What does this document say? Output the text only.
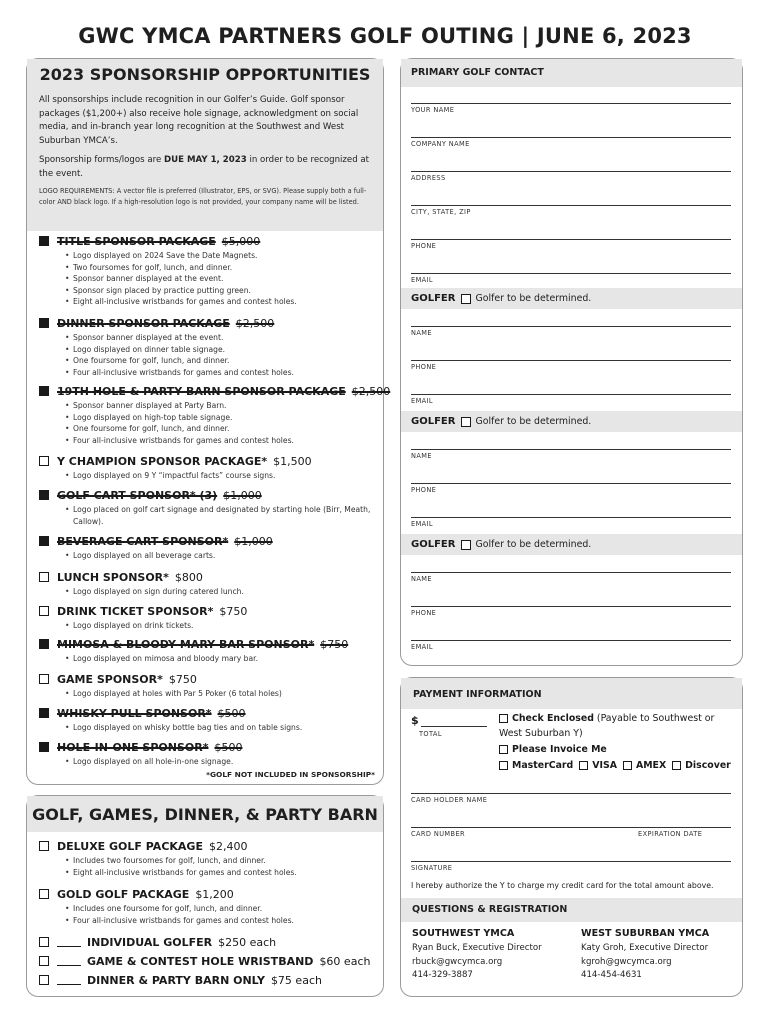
GWC YMCA PARTNERS GOLF OUTING | JUNE 6, 2023
2023 SPONSORSHIP OPPORTUNITIES
All sponsorships include recognition in our Golfer’s Guide. Golf sponsor packages ($1,200+) also receive hole signage, acknowledgment on social media, and in-branch year long recognition at the Southwest and West Suburban YMCA’s.
Sponsorship forms/logos are DUE MAY 1, 2023 in order to be recognized at the event.
LOGO REQUIREMENTS: A vector file is preferred (Illustrator, EPS, or SVG). Please supply both a full-color AND black logo. If a high-resolution logo is not provided, your company name will be listed.
TITLE SPONSOR PACKAGE $5,000
• Logo displayed on 2024 Save the Date Magnets.
• Two foursomes for golf, lunch, and dinner.
• Sponsor banner displayed at the event.
• Sponsor sign placed by practice putting green.
• Eight all-inclusive wristbands for games and contest holes.
DINNER SPONSOR PACKAGE $2,500
• Sponsor banner displayed at the event.
• Logo displayed on dinner table signage.
• One foursome for golf, lunch, and dinner.
• Four all-inclusive wristbands for games and contest holes.
19TH HOLE & PARTY BARN SPONSOR PACKAGE $2,500
• Sponsor banner displayed at Party Barn.
• Logo displayed on high-top table signage.
• One foursome for golf, lunch, and dinner.
• Four all-inclusive wristbands for games and contest holes.
Y CHAMPION SPONSOR PACKAGE* $1,500
• Logo displayed on 9 Y “impactful facts” course signs.
GOLF CART SPONSOR* (3) $1,000
• Logo placed on golf cart signage and designated by starting hole (Birr, Meath, Callow).
BEVERAGE CART SPONSOR* $1,000
• Logo displayed on all beverage carts.
LUNCH SPONSOR* $800
• Logo displayed on sign during catered lunch.
DRINK TICKET SPONSOR* $750
• Logo displayed on drink tickets.
MIMOSA & BLOODY MARY BAR SPONSOR* $750
• Logo displayed on mimosa and bloody mary bar.
GAME SPONSOR* $750
• Logo displayed at holes with Par 5 Poker (6 total holes)
WHISKY PULL SPONSOR* $500
• Logo displayed on whisky bottle bag ties and on table signs.
HOLE-IN-ONE SPONSOR* $500
• Logo displayed on all hole-in-one signage.
*GOLF NOT INCLUDED IN SPONSORSHIP*
GOLF, GAMES, DINNER, & PARTY BARN
DELUXE GOLF PACKAGE $2,400
• Includes two foursomes for golf, lunch, and dinner.
• Eight all-inclusive wristbands for games and contest holes.
GOLD GOLF PACKAGE $1,200
• Includes one foursome for golf, lunch, and dinner.
• Four all-inclusive wristbands for games and contest holes.
INDIVIDUAL GOLFER $250 each
GAME & CONTEST HOLE WRISTBAND $60 each
DINNER & PARTY BARN ONLY $75 each
PRIMARY GOLF CONTACT
YOUR NAME
COMPANY NAME
ADDRESS
CITY, STATE, ZIP
PHONE
EMAIL
GOLFER Golfer to be determined.
NAME
PHONE
EMAIL
GOLFER Golfer to be determined.
NAME
PHONE
EMAIL
GOLFER Golfer to be determined.
NAME
PHONE
EMAIL
PAYMENT INFORMATION
$
TOTAL
Check Enclosed
(Payable to Southwest or
West Suburban Y)
Please Invoice Me
MasterCard
VISA
AMEX
Discover
CARD HOLDER NAME
CARD NUMBER	EXPIRATION DATE
SIGNATURE
I hereby authorize the Y to charge my credit card for the total amount above.
QUESTIONS & REGISTRATION
SOUTHWEST YMCA
Ryan Buck, Executive Director
rbuck@gwcymca.org
414-329-3887
WEST SUBURBAN YMCA
Katy Groh, Executive Director
kgroh@gwcymca.org
414-454-4631
